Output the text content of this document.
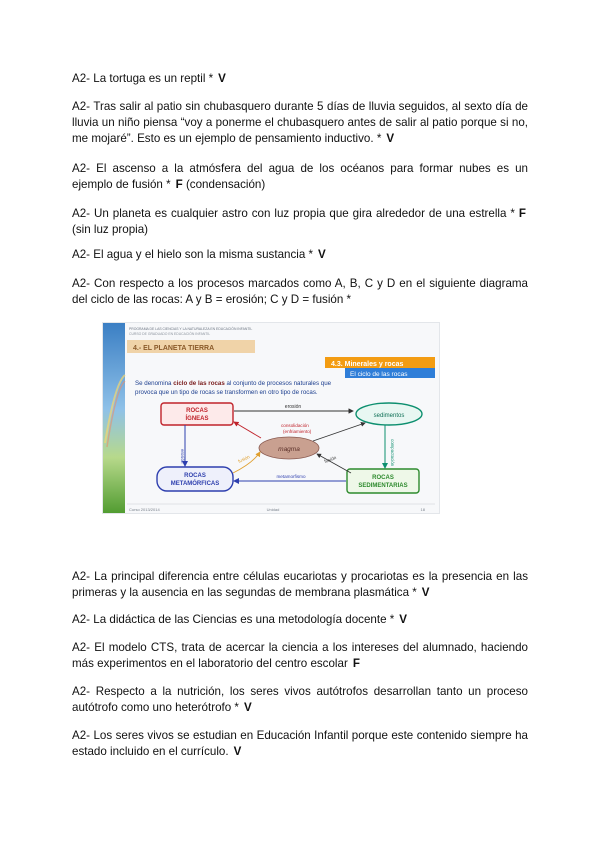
A2- La tortuga es un reptil * V

A2- Tras salir al patio sin chubasquero durante 5 días de lluvia seguidos, al sexto día de lluvia un niño piensa “voy a ponerme el chubasquero antes de salir al patio porque si no, me mojaré”. Esto es un ejemplo de pensamiento inductivo. * V

A2- El ascenso a la atmósfera del agua de los océanos para formar nubes es un ejemplo de fusión * F (condensación)

A2- Un planeta es cualquier astro con luz propia que gira alrededor de una estrella * F (sin luz propia)

A2- El agua y el hielo son la misma sustancia * V

A2- Con respecto a los procesos marcados como A, B, C y D en el siguiente diagrama del ciclo de las rocas: A y B = erosión; C y D = fusión *

PROGRAMA DE LAS CIENCIAS Y LA NATURALEZA EN EDUCACIÓN INFANTIL
CURSO DE GRADUADO EN EDUCACIÓN INFANTIL
4.- EL PLANETA TIERRA
4.3. Minerales y rocas
El ciclo de las rocas
Se denomina ciclo de las rocas al conjunto de procesos naturales que
provoca que un tipo de rocas se transformen en otro tipo de rocas.
ROCAS
ÍGNEAS	sedimentos
magma
ROCAS
METAMÓRFICAS
ROCAS
SEDIMENTARIAS
erosión
consolidación
(enfriamiento)
erosión	fusión	fusión	compactación
metamorfismo
Curso 2013/2014	Unidad	18

A2- La principal diferencia entre células eucariotas y procariotas es la presencia en las primeras y la ausencia en las segundas de membrana plasmática * V

A2- La didáctica de las Ciencias es una metodología docente * V

A2- El modelo CTS, trata de acercar la ciencia a los intereses del alumnado, haciendo más experimentos en el laboratorio del centro escolar F

A2- Respecto a la nutrición, los seres vivos autótrofos desarrollan tanto un proceso autótrofo como uno heterótrofo * V

A2- Los seres vivos se estudian en Educación Infantil porque este contenido siempre ha estado incluido en el currículo. V
